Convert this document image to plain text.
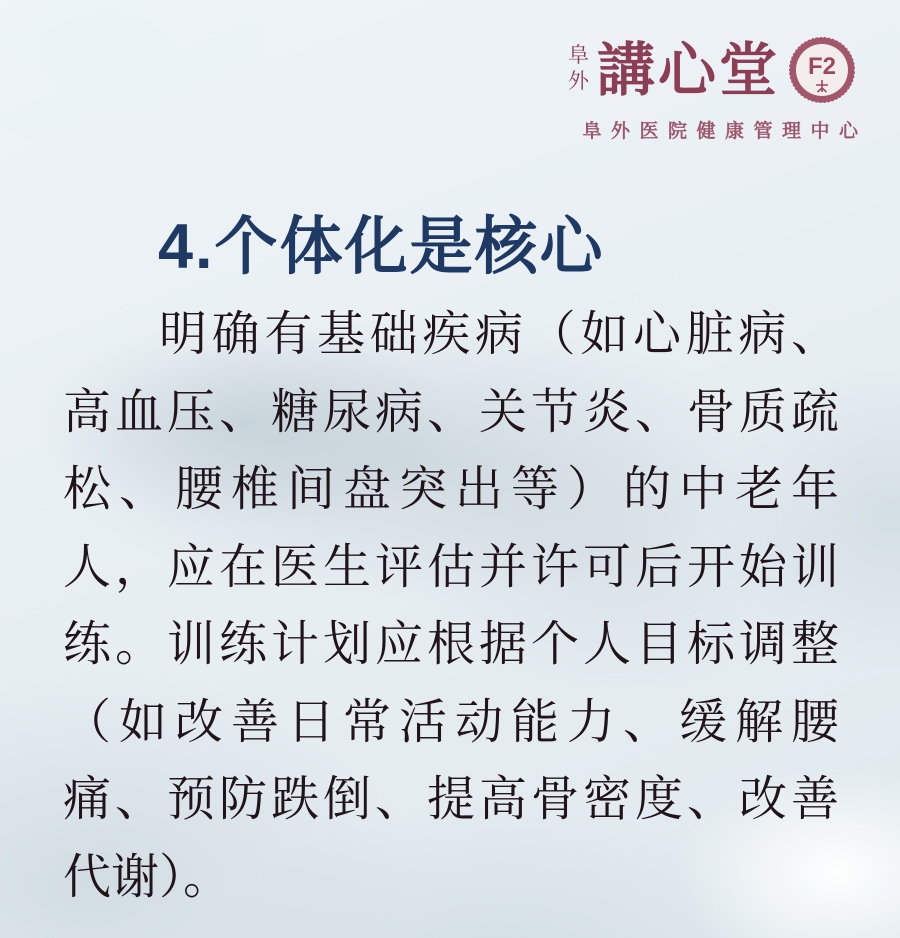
阜
外 講心堂 F2
阜外医院健康管理中心
4.个体化是核心
明确有基础疾病（如心脏病、
高血压、糖尿病、关节炎、骨质疏
松、腰椎间盘突出等）的中老年
人，应在医生评估并许可后开始训
练。训练计划应根据个人目标调整
（如改善日常活动能力、缓解腰
痛、预防跌倒、提高骨密度、改善
代谢）。
